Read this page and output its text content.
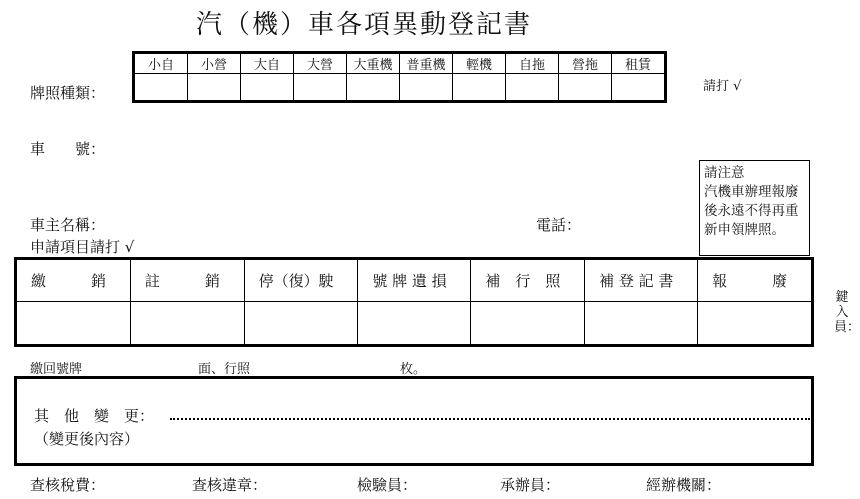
汽（機）車各項異動登記書
牌照種類：
小自	小營	大自	大營	大重機	普重機	輕機	自拖	營拖	租賃

請打 √
車　　號：
請注意
汽機車辦理報廢
後永遠不得再重
新申領牌照。
車主名稱：	電話：
申請項目請打 √
繳　　　銷	註　　　銷	停（復）駛	號 牌 遺 損	補　行　照	補 登 記 書	報　　　廢

鍵入員：
繳回號牌	面、行照	枚。
其　他　變　更：
（變更後內容）
查核稅費：	查核違章：	檢驗員：	承辦員：	經辦機關：
